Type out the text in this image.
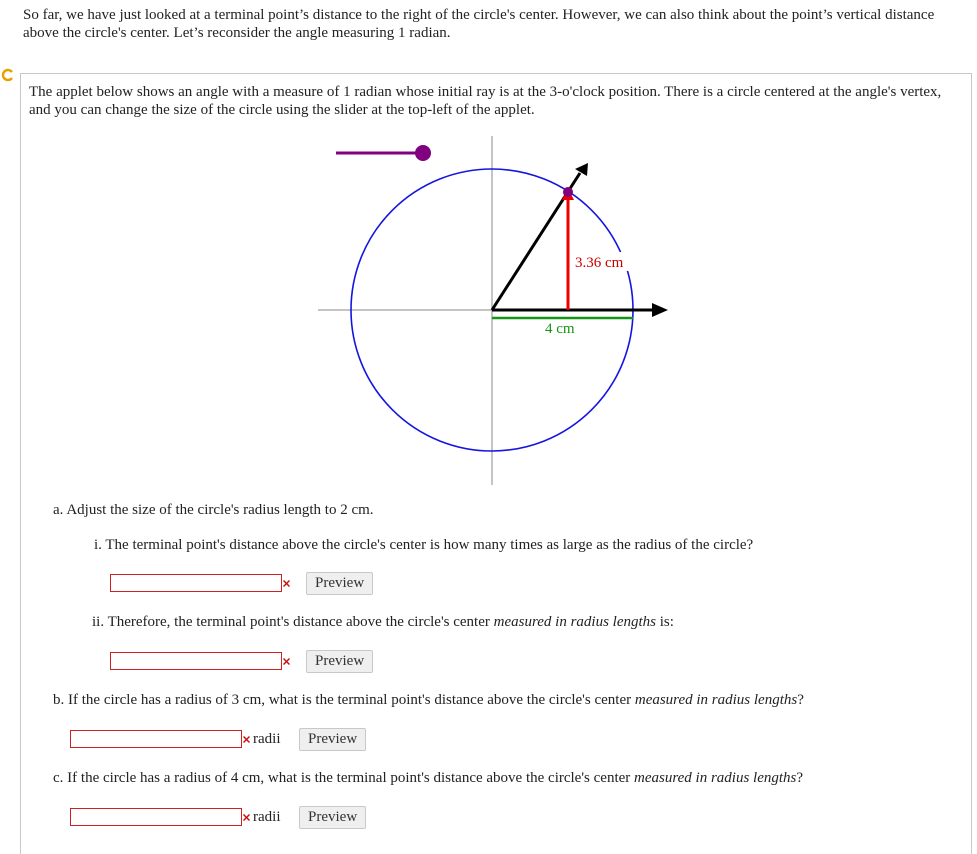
So far, we have just looked at a terminal point’s distance to the right of the circle's center. However, we can also think about the point’s vertical distance above the circle's center. Let’s reconsider the angle measuring 1 radian.

The applet below shows an angle with a measure of 1 radian whose initial ray is at the 3-o'clock position. There is a circle centered at the angle's vertex, and you can change the size of the circle using the slider at the top-left of the applet.

3.36 cm
4 cm

a. Adjust the size of the circle's radius length to 2 cm.

i. The terminal point's distance above the circle's center is how many times as large as the radius of the circle?

Preview

ii. Therefore, the terminal point's distance above the circle's center measured in radius lengths is:

Preview

b. If the circle has a radius of 3 cm, what is the terminal point's distance above the circle's center measured in radius lengths?

radii	Preview

c. If the circle has a radius of 4 cm, what is the terminal point's distance above the circle's center measured in radius lengths?

radii	Preview
